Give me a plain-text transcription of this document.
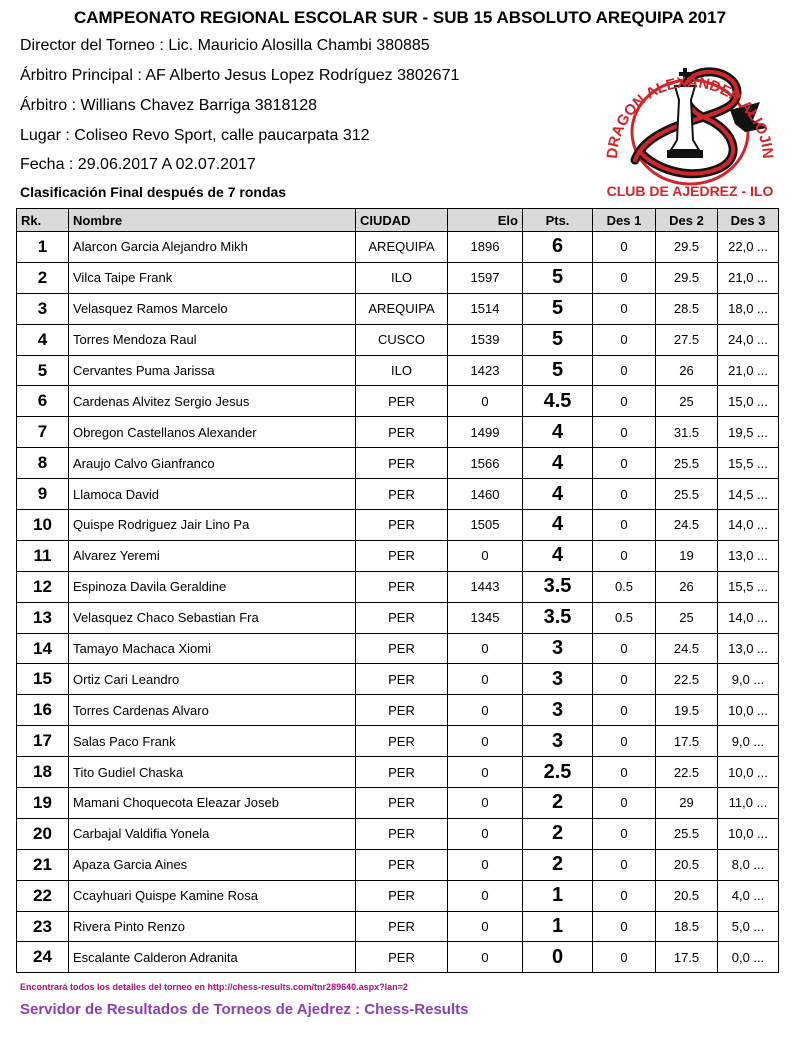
CAMPEONATO REGIONAL ESCOLAR SUR - SUB 15 ABSOLUTO AREQUIPA 2017
Director del Torneo : Lic. Mauricio Alosilla Chambi 380885
Árbitro Principal : AF Alberto Jesus Lopez Rodríguez 3802671
Árbitro : Willians Chavez Barriga 3818128
Lugar : Coliseo Revo Sport, calle paucarpata 312
Fecha : 29.06.2017 A 02.07.2017
Clasificación Final después de 7 rondas
DRAGON ALEXANDER ALIOJIN
CLUB DE AJEDREZ - ILO
Rk.	Nombre	CIUDAD	Elo	Pts.	Des 1	Des 2	Des 3
1	Alarcon Garcia Alejandro Mikh	AREQUIPA	1896	6	0	29.5	22,0 ...
2	Vilca Taipe Frank	ILO	1597	5	0	29.5	21,0 ...
3	Velasquez Ramos Marcelo	AREQUIPA	1514	5	0	28.5	18,0 ...
4	Torres Mendoza Raul	CUSCO	1539	5	0	27.5	24,0 ...
5	Cervantes Puma Jarissa	ILO	1423	5	0	26	21,0 ...
6	Cardenas Alvitez Sergio Jesus	PER	0	4.5	0	25	15,0 ...
7	Obregon Castellanos Alexander	PER	1499	4	0	31.5	19,5 ...
8	Araujo Calvo Gianfranco	PER	1566	4	0	25.5	15,5 ...
9	Llamoca David	PER	1460	4	0	25.5	14,5 ...
10	Quispe Rodriguez Jair Lino Pa	PER	1505	4	0	24.5	14,0 ...
11	Alvarez Yeremi	PER	0	4	0	19	13,0 ...
12	Espinoza Davila Geraldine	PER	1443	3.5	0.5	26	15,5 ...
13	Velasquez Chaco Sebastian Fra	PER	1345	3.5	0.5	25	14,0 ...
14	Tamayo Machaca Xiomi	PER	0	3	0	24.5	13,0 ...
15	Ortiz Cari Leandro	PER	0	3	0	22.5	9,0 ...
16	Torres Cardenas Alvaro	PER	0	3	0	19.5	10,0 ...
17	Salas Paco Frank	PER	0	3	0	17.5	9,0 ...
18	Tito Gudiel Chaska	PER	0	2.5	0	22.5	10,0 ...
19	Mamani Choquecota Eleazar Joseb	PER	0	2	0	29	11,0 ...
20	Carbajal Valdifia Yonela	PER	0	2	0	25.5	10,0 ...
21	Apaza Garcia Aines	PER	0	2	0	20.5	8,0 ...
22	Ccayhuari Quispe Kamine Rosa	PER	0	1	0	20.5	4,0 ...
23	Rivera Pinto Renzo	PER	0	1	0	18.5	5,0 ...
24	Escalante Calderon Adranita	PER	0	0	0	17.5	0,0 ...
Encontrará todos los detalles del torneo en http://chess-results.com/tnr289640.aspx?lan=2
Servidor de Resultados de Torneos de Ajedrez : Chess-Results
